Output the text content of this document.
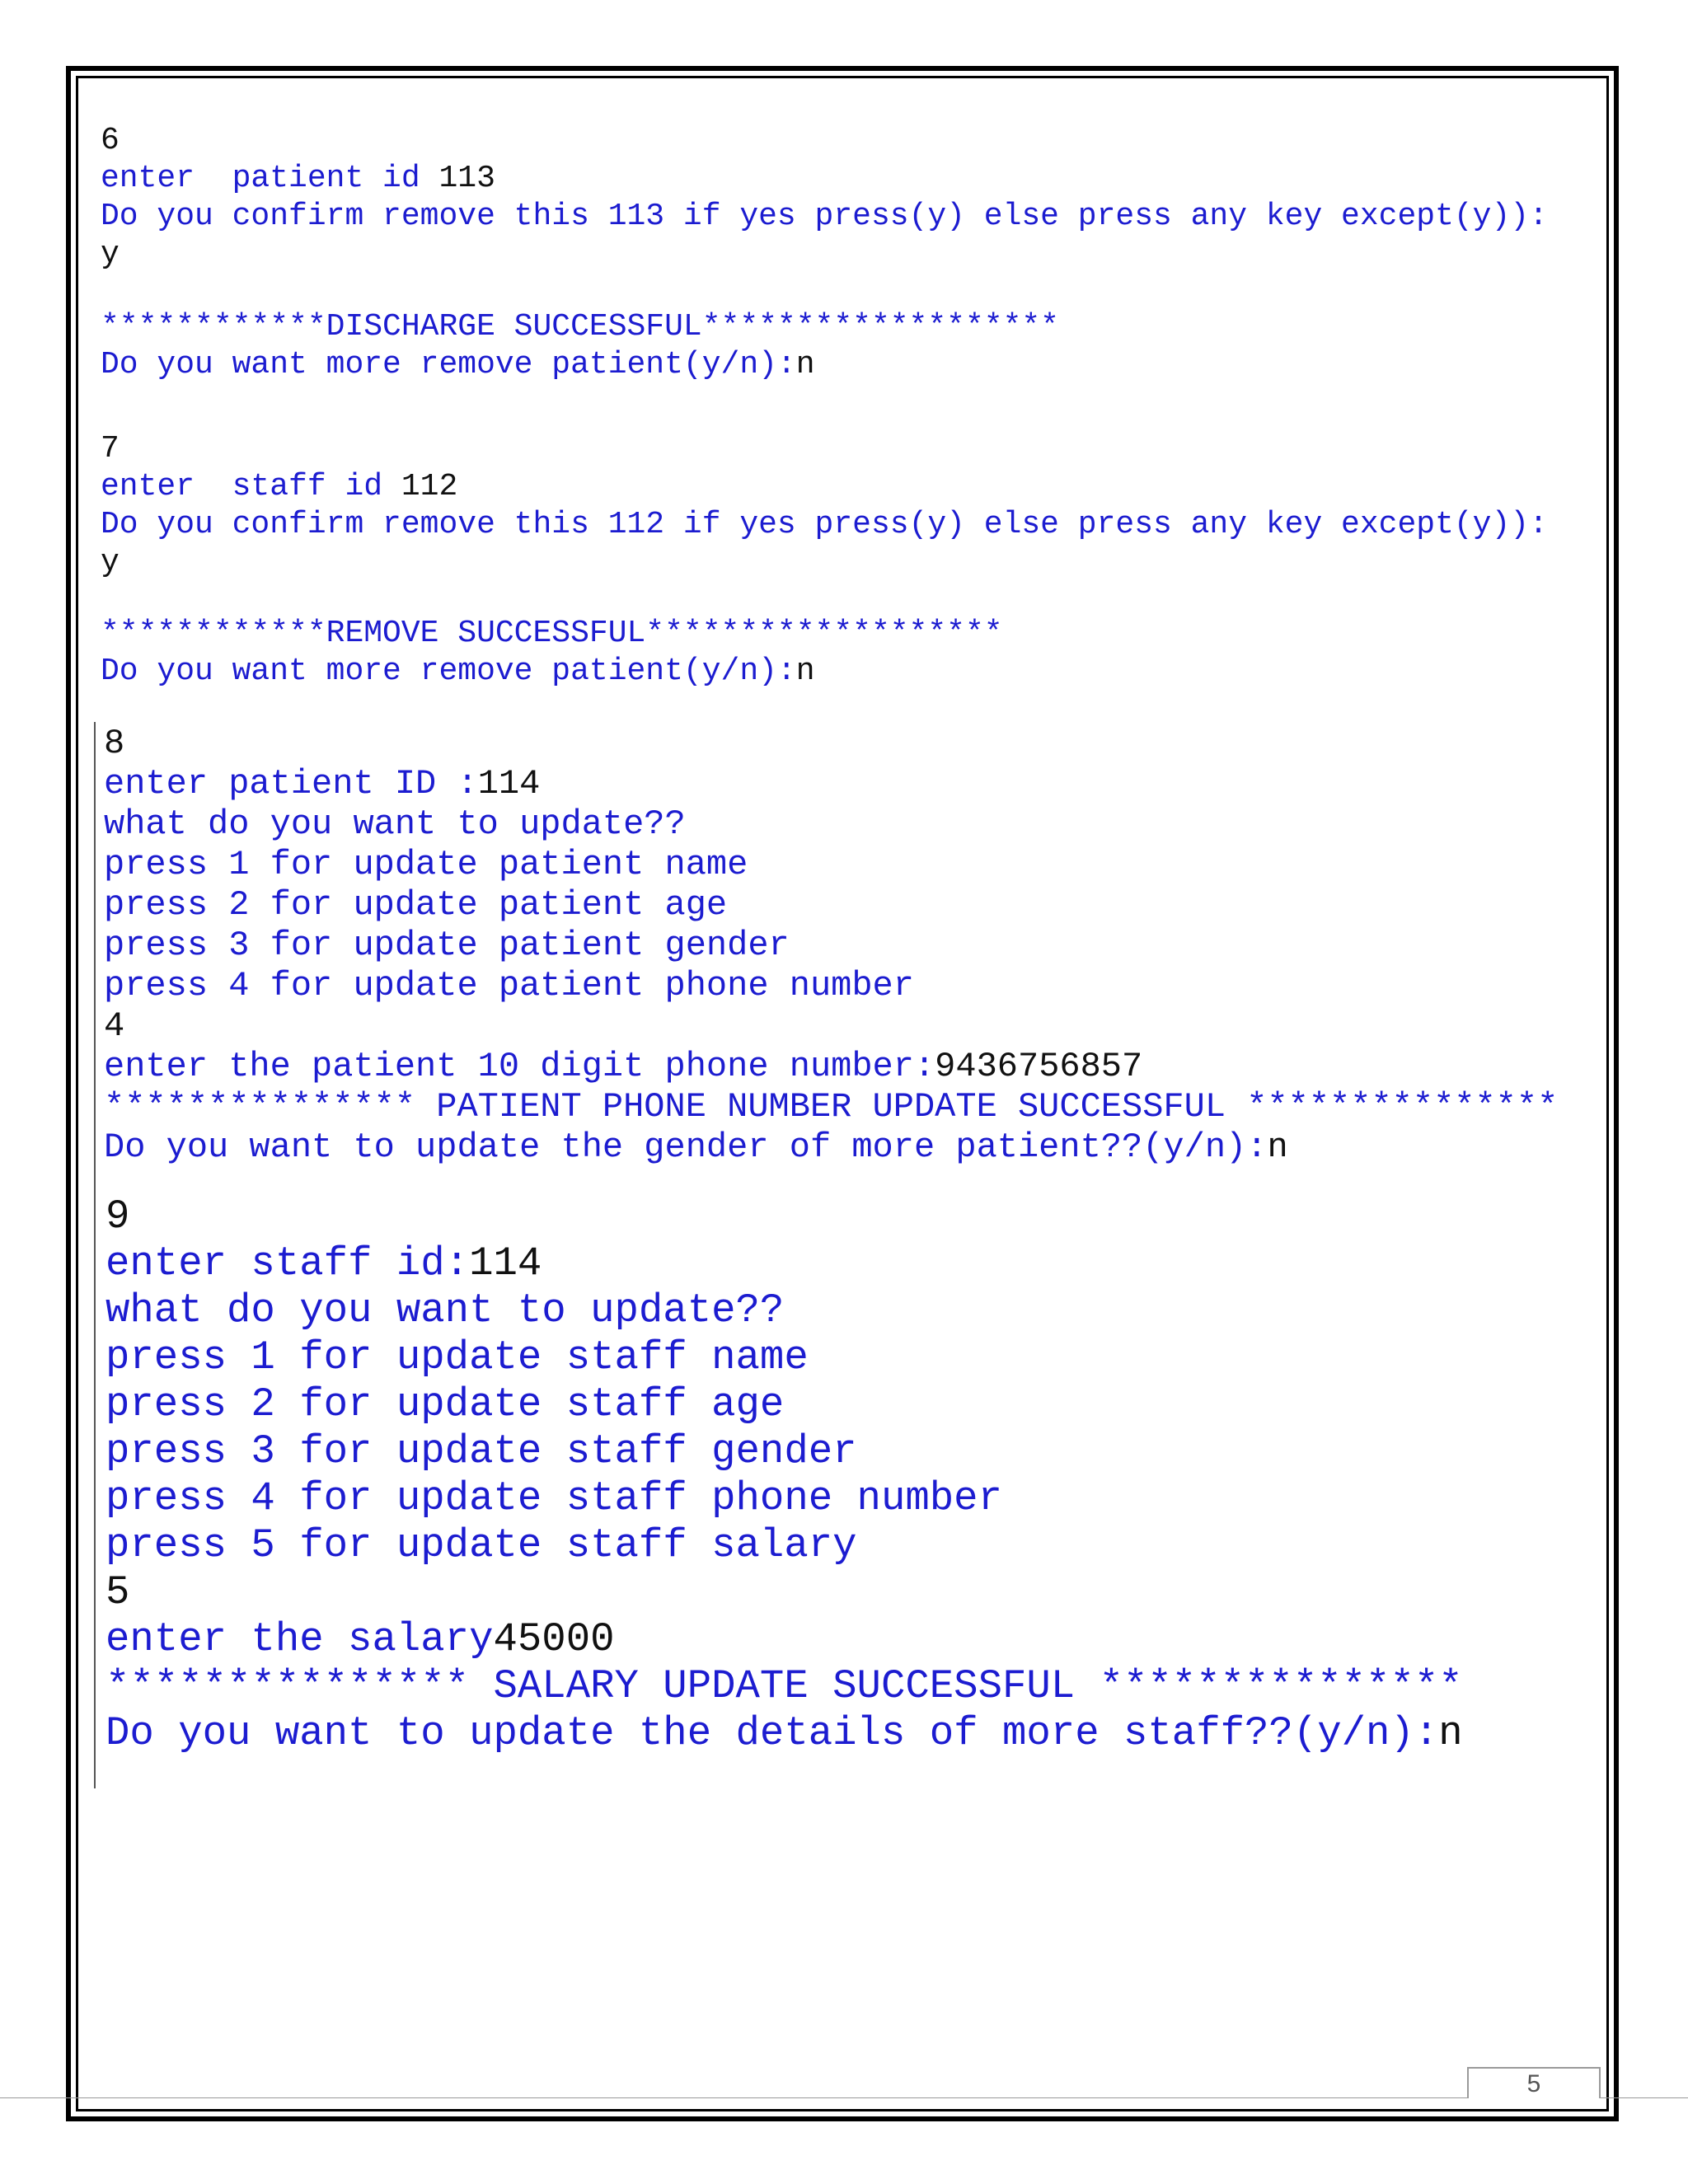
6
enter  patient id 113
Do you confirm remove this 113 if yes press(y) else press any key except(y)):
y
************DISCHARGE SUCCESSFUL*******************
Do you want more remove patient(y/n):n
7
enter  staff id 112
Do you confirm remove this 112 if yes press(y) else press any key except(y)):
y
************REMOVE SUCCESSFUL*******************
Do you want more remove patient(y/n):n
8
enter patient ID :114
what do you want to update??
press 1 for update patient name
press 2 for update patient age
press 3 for update patient gender
press 4 for update patient phone number
4
enter the patient 10 digit phone number:9436756857
*************** PATIENT PHONE NUMBER UPDATE SUCCESSFUL ***************
Do you want to update the gender of more patient??(y/n):n
9
enter staff id:114
what do you want to update??
press 1 for update staff name
press 2 for update staff age
press 3 for update staff gender
press 4 for update staff phone number
press 5 for update staff salary
5
enter the salary45000
*************** SALARY UPDATE SUCCESSFUL ***************
Do you want to update the details of more staff??(y/n):n
5
